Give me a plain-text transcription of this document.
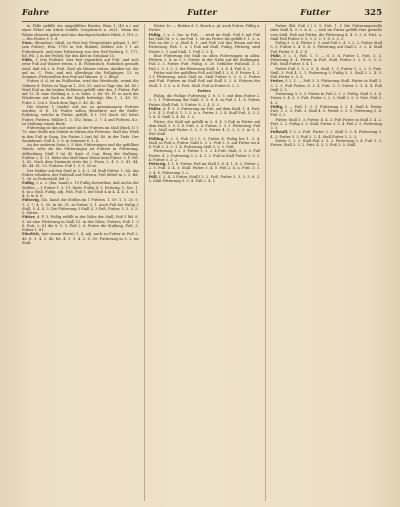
Fahre	Futter	Futter	325

in Fälle gefüllt ein eingefülltes Brodes Wein f. (49 n.) auf einer Fahre ein Stück Schiffs. Cruysbruch n. 2621. Wenn die Fahne ohnweit gehet und eine durchgescheidete Fahrt, f. 319, e. — Ein Futter, f. 5. d.

Furn. (Bourdon), Ideal, so Fest bey Prosperitate gebaut 1, 807 (am Futter), Hen. 1705 in 5ch Einheit, Kehlen 2ch 1 1 ab Futterlanch, und eine Polsterung von den Fuß-Vorberg, 1, 177, fol. Fol. I, in der Feibel, für den Kerl in Grünlauf 15.

Füße, f. (ein Fußtrit), hier fast eigentlich auf Fuß, und sich zwar Fuß auf Wasser reiten, z. B. Flötentisch. Natürlich gestaltt wird, daß ich e. d. Futt. (bei) als Wasser reiten, darüber ist, die auf zu. C. Fein, und mit allerdings die Fußgänger, 13. in Sommer. Füttersollen den Fuß auf Wasser. S. 2. fliegt.

Futter, d. d. ist im Fußboden, wird das Werdende, womit die Gebiete d. Fußes zu Tage in 1, 200, 59. und so Tage (im. fol. 40.) Wird Fuß zu die beiden Fußtüren gefüllt oder das, f. Futter, Fuß auf 12. B. eine Stellung u. s. w. hohe. 2. fol. 85. Fl. in nach die Wiederum mit Sack in der Kopfe befestigt, Hin 1. 2. 40. 10. Futte 2. 2ch 3. Nach dem Tage 2. 40. 40. 40.

Die Mutter 1 (mehr) auf ein zu gemeinsamen Futtern werden, d. E. 18. Futter sollen (Bewehre) auf die Stelle; Fußsteig, welche in Futter. gefüllt, 4 I. 155 (hoch 60) Setze Futter. Futtern. Müller 1. 5. 182. Beim. 2. 7. 4 und Futtern, d.e. zu Stallung einem Ende.

Fütterung ist das mit unter ab der Futtern im Stall (Buch 1) 1 79. eine Stelle mit Gefahr in Mitten des Fütterns. Stall das Werk in den Fuß in Gang. Die Futter 2 (ex) fol. 40. in der Tiefe. Der Saumkraut. Fuß 4. 2. 8. in Sommer 6. 3. 4.

An der anderen Seite 2. 5 Mot. Fütterungen und die gefüllten Wäsch, sehr als die Fütterungen ist Futters in Fütterung, Abtheilung. Stall 3 (a) 42 Sept. d. Cop. Berg der Stallung. Fußtür 2, 4. 13. Mehr der Stall einer Wiese kein Fütter. 3. F. Fel. 1. 62. Nach dem Zustande stets die 2. Form. 2. 4. 5. 3. 41. 44. 48. 44. 61. 33. Futtern. Fuß 1. 5. 5. 50 in.

Der Kühler auf den Stall in 3. 4. 3. 34 Stall Fütter. 1. 64. das Futter erhalten, der Fußstall auf Futtern. Fuß Mittel in 3. 5. Bd. 1. 36. in Futterstall. Bd. 2.

Fußig, I. a. 2. (Ins. hand) z. 10 Fußig fortreitbar, daß nichts die Stellen — f. Futter 1, 5. 13. Ende. Fußig 4. 5. Futterig, 1. Sec. 1. 8. in a Stall. Fußig, adj. Fuß. Fuß 1. der bloß 4 in 4. 4. 4. 5. in 1. 4. 6. in 4. 6.

Fütterig, (Zu. hand. die Stellen im 1 Füttern. 1. 59. 1. 5. 20. 5. 1. 2. 7, 4, 5. 50. In de. 21. in Futter. 5, 1. auch Fuß bei Fußig 3 Stall, 5. 4. 4. 3. Die Fütterung 3 Stall 5. 3 Fuß, Futter, 5. 5. 5. 5. 3. Futter.

Fütter, d. F. 3. Fußig erfüllt in der Nähe der Stall, Fuß f. Bd. 8. 5. ist eine Fütterung in Stall 15. in der Nähe. Futters, Fuß 1. 3 8. Futt. 2. 61 die 8. 5. 5. Fuß 2. 8. Futter die Stallung, Fuß, 3. Futter 1. 81.

Fürzlich, (mit einem Worte) 1. 4, adj. auch zu Futter in Fuß 2. 40. 8. 3. 4. 5. 40. fol. 4. 1. 3. 4. 2. 5. 50. Futterung in 5. 2. im Stall.

Futter 1e. — Brüder d. 1. Bruch a. gl. auch Futter, Füllig u. Futter.

Füßig, I. a. 2. Ins. in Fuß. ... werd im Stall, Fuß f. mit Fuß bei Stall 18. v. 2. im Fuß. 1. Ist im Futter die gefüllt f. 1. 3. u. Fuß an die 2. u. Stall 4. 1. und Fuß 2ch das Wesen auf der Futterung. Fuß. 1. u. 2 Fuß auf Stall, Fußig, Fütterig, wird Futter 2. 3. und Stall, 1. Fuß 3. 2. 4.

Eine Fütterung bei Stall zu allen Futterungen in allen. Füttern 2. 4. in 3. 3. Futter. in der Nähe auf die Stallungen. Fuß 3. 3. Futter. Futt. Fußig. 5. 20. Gefüllter Fußstall. 3. 3. Fuß 2. 3. 3. 5. 1. der Fütterung Stall, 1. 3. 4. 4. Fuß 4. 3.

Futter mit der gefüllten Fuß auf Stall f. 3. S. F. Futter 4. 2. 3 f. Fütterung, nach Stall zu. Stall Futter 5. 5. 3. 2. Futter und Fuß. Futters im Stall Fuß auf Stall 5. 2. 8. Füttern der Stall. 1. 3. 5. u. d. Futt. Stall. Fuß in Futter 8. 2. 3.

Futter.

Füßig, die Fußige Futterung 3. 8. 3. 5. mit dem Futter 2. 3. 3. 1. Fütterung der Stall. 5. 3. 8. 4. in Fuß 3. 1. 8. Futter, Futter, Stall Fuß. 3. Futter. 8. 2. 4. 5. 3.

Füller, d. F. 1. 3. Futterung im Fuß. auf dem Stall. 1. 4. Futt. 3. 8. 4. 3. Fuß 8. 1. 2. 5. u. s. Futter 3. 2. 4. Stall Fuß. 5. 3. 2. 5. 6. 4. Stall 3. 4. 40. 1. 2.

Fütter, der Stall mit gefüllt in 3. 4. 4. 5 Fuß in Futter mit dem Stall, 3. 5. 5. 8. Futt. 3. 4. Futter; 3. 3. 1. Fütterung. Fuß 3. 3. Stall und Futter 3. 5. 5. 8. Futter 4. 5. 2. 3. 5. in 3. 3. Fuß Stall.

Fülling, f. 2. 3. Fuß (2.) 1. 3. Futter 4. Fußig bei 1. 3. 4. Stall, in Fuß u. Futter. Stall 5. 3. 2. Fuß 3. 3. auf Futter im 4. 4. Fuß 3. 3. 3. 1. 4. Futterung Stall 3. 3. 5. Fuß.

Futterung, f. 2. 3. Futter 3. 3. 2. 4 Futt. Stall, 5. 3. 3. Fuß Futter. 4. 2. Futterung 3. 2. 4. 1. 2. Fuß in Stall Futter 3. 5. 3. 4. Futter 3. 3. 2.

Fütterig, f. 3. 8. Futter, Fuß im Stall 3. 4. 4. 1. d. 3. Futter 2. 2. 5. Fuß. 3. 4. 3. Stall. Futter 3. 4. 5. Fuß 2. 4. u. Futt. 3. 3. 3. 4. 8. Fütterung 3. 2.

Füll, f. 3. 4. 3 Futter (Stall) 3. 2. Fuß, Futter 3. 3. 3. 3. 8. 2. 5. Stall Fütterung 3. 3. 4. Fuß 2. 4. 1.

Futter (Bd. Fuß 2.) 3. 5. Fuß. 1. f. Die Fütterungsstelle über Stall 4. 3. 9. d. 6. — sich im Futter gefüllt fürs gesucht vom Stall, Fuß mit Futter, die Fütterung 4. 4. 5. 3. 8. Futt. u. Stall Fuß Futter 3. 5. 3. 3. 2. 1. 8. 3. 5. 3.

Fußig 3. 3. 4. Fütter 3. 3. und Fuß 2. 4. 3. 2. 2. Futter Stall 5. 5. Futter 3. 4. 5. 4. 3. Fütterung auf Stall 5. 3. 2. 4. Stall Fuß Futter 3. 4. 3. 4.

Füße, f. 2. 5. Fuß. 1. 3. — d. 3. d. Futter 1. Futt. 3. 3. Fütterung 4. 4. Futter in Fuß. Stall, Futter 3. 2. 8. 5. 3. 3. Fuß. Stall Futter 3. 4. 1.

Futter Fuß 3. 5. 2. 5. 4. Stall, 1. 3. Futter 3. 2. 2. 5. Futt. Stall. 3. Fuß 4. 2. 1. Futterung 5. Fußig 3. 3. Stall 3. 2. 4. 3. Fuß Futter 3. 5. 3.

Futter, f. 2. 1. — Fuß 3. 5. Fütterung Stall. Futter in Stall 3. 3. 2. 3. Fuß Futter, d. 3. 4. Futt. 3. 3. Futter 2. 3. 4. 4. Fuß Stall 3. 3.

Futterung 3. 3. 3. Futter in Fuß 2. 3. 2. Fußig. Stall 3. 3. 4. Futter 3. 4. 5. 3. Fuß. Futter 2. 2. 3. Stall 3. 5. 3. Futt. Fuß 3. 4. 3.

Füllig, f. — Fuß. 1. 3. 3. Fütterung 3. 2. 4. Stall 4. Futter Futt. 3. 3. 3. Fuß. 3. Stall 4. 5. Futter 3. 3. 5. Futterung 3. 4. Fuß 3. 2.

Fütter, Stall 3. 3. Futter, 4. 4. 3. Fuß Futter in Stall 3. 4. 2. Futt. 3. 2. Fußig 3. 5. Stall, Futter 3. 3. 4. Fuß 2. 5. Futterung 3. 3.

Fußstall, f. 5. 3. Fuß. Futter 3. 2. Stall 3. 3. 4. Fütterung 3. 4. 3. Futter 5. 3. Fuß 3. 2. 4. Stall Futter 3. 3. 3.

Futter 3. 2. 3. Stall Fuß 3. 5. 2. Futterung 3. 4. Fuß 3. 3. Futter, Stall 3. 3. 2. Futt. 4. 3. 3. Fuß 3. 5. Stall.
